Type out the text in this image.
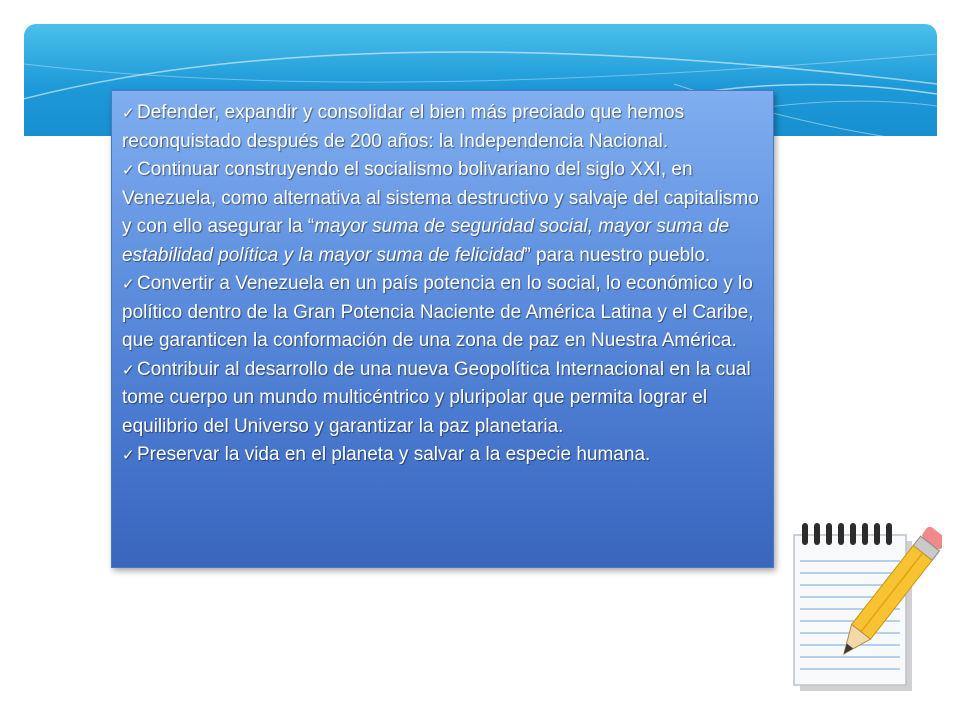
✓ Defender, expandir y consolidar el bien más preciado que hemos reconquistado después de 200 años: la Independencia Nacional.
✓ Continuar construyendo el socialismo bolivariano del siglo XXI, en Venezuela, como alternativa al sistema destructivo y salvaje del capitalismo y con ello asegurar la “mayor suma de seguridad social, mayor suma de estabilidad política y la mayor suma de felicidad” para nuestro pueblo.
✓ Convertir a Venezuela en un país potencia en lo social, lo económico y lo político dentro de la Gran Potencia Naciente de América Latina y el Caribe, que garanticen la conformación de una zona de paz en Nuestra América.
✓ Contribuir al desarrollo de una nueva Geopolítica Internacional en la cual tome cuerpo un mundo multicéntrico y pluripolar que permita lograr el equilibrio del Universo y garantizar la paz planetaria.
✓ Preservar la vida en el planeta y salvar a la especie humana.
